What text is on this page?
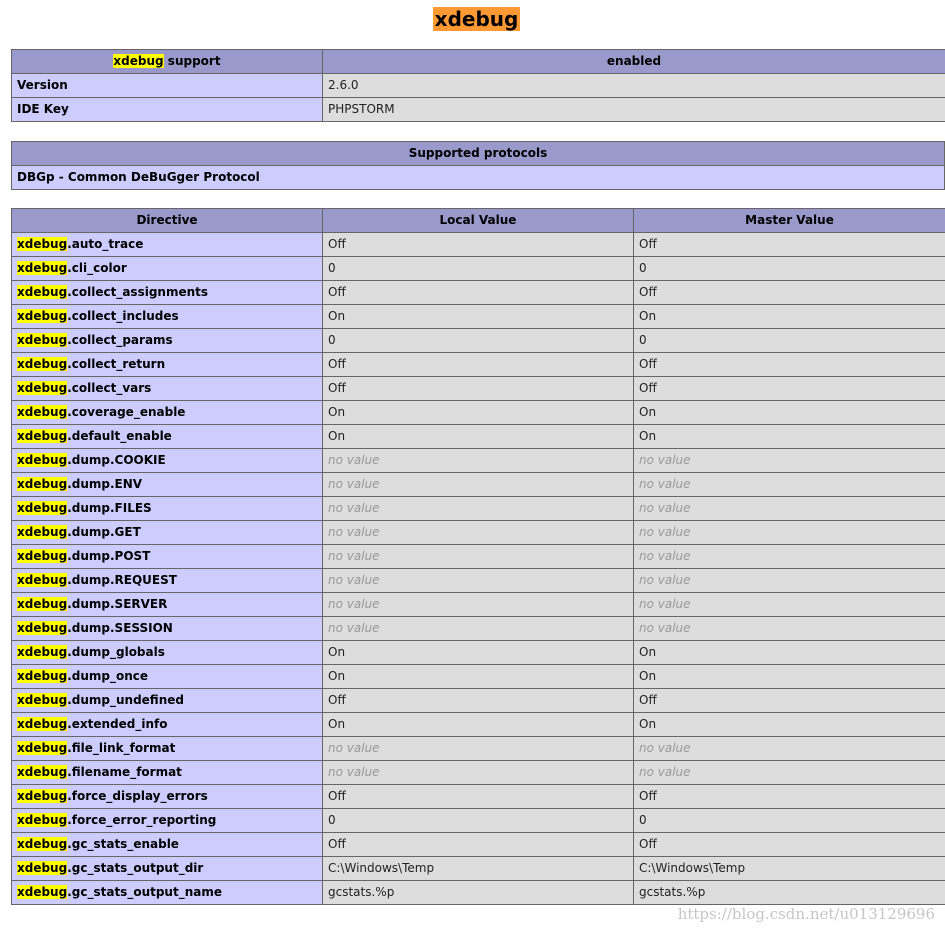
xdebug
xdebug support	enabled
Version	2.6.0
IDE Key	PHPSTORM
Supported protocols
DBGp - Common DeBuGger Protocol
Directive	Local Value	Master Value
xdebug.auto_trace	Off	Off
xdebug.cli_color	0	0
xdebug.collect_assignments	Off	Off
xdebug.collect_includes	On	On
xdebug.collect_params	0	0
xdebug.collect_return	Off	Off
xdebug.collect_vars	Off	Off
xdebug.coverage_enable	On	On
xdebug.default_enable	On	On
xdebug.dump.COOKIE	no value	no value
xdebug.dump.ENV	no value	no value
xdebug.dump.FILES	no value	no value
xdebug.dump.GET	no value	no value
xdebug.dump.POST	no value	no value
xdebug.dump.REQUEST	no value	no value
xdebug.dump.SERVER	no value	no value
xdebug.dump.SESSION	no value	no value
xdebug.dump_globals	On	On
xdebug.dump_once	On	On
xdebug.dump_undefined	Off	Off
xdebug.extended_info	On	On
xdebug.file_link_format	no value	no value
xdebug.filename_format	no value	no value
xdebug.force_display_errors	Off	Off
xdebug.force_error_reporting	0	0
xdebug.gc_stats_enable	Off	Off
xdebug.gc_stats_output_dir	C:\Windows\Temp	C:\Windows\Temp
xdebug.gc_stats_output_name	gcstats.%p	gcstats.%p
https://blog.csdn.net/u013129696
